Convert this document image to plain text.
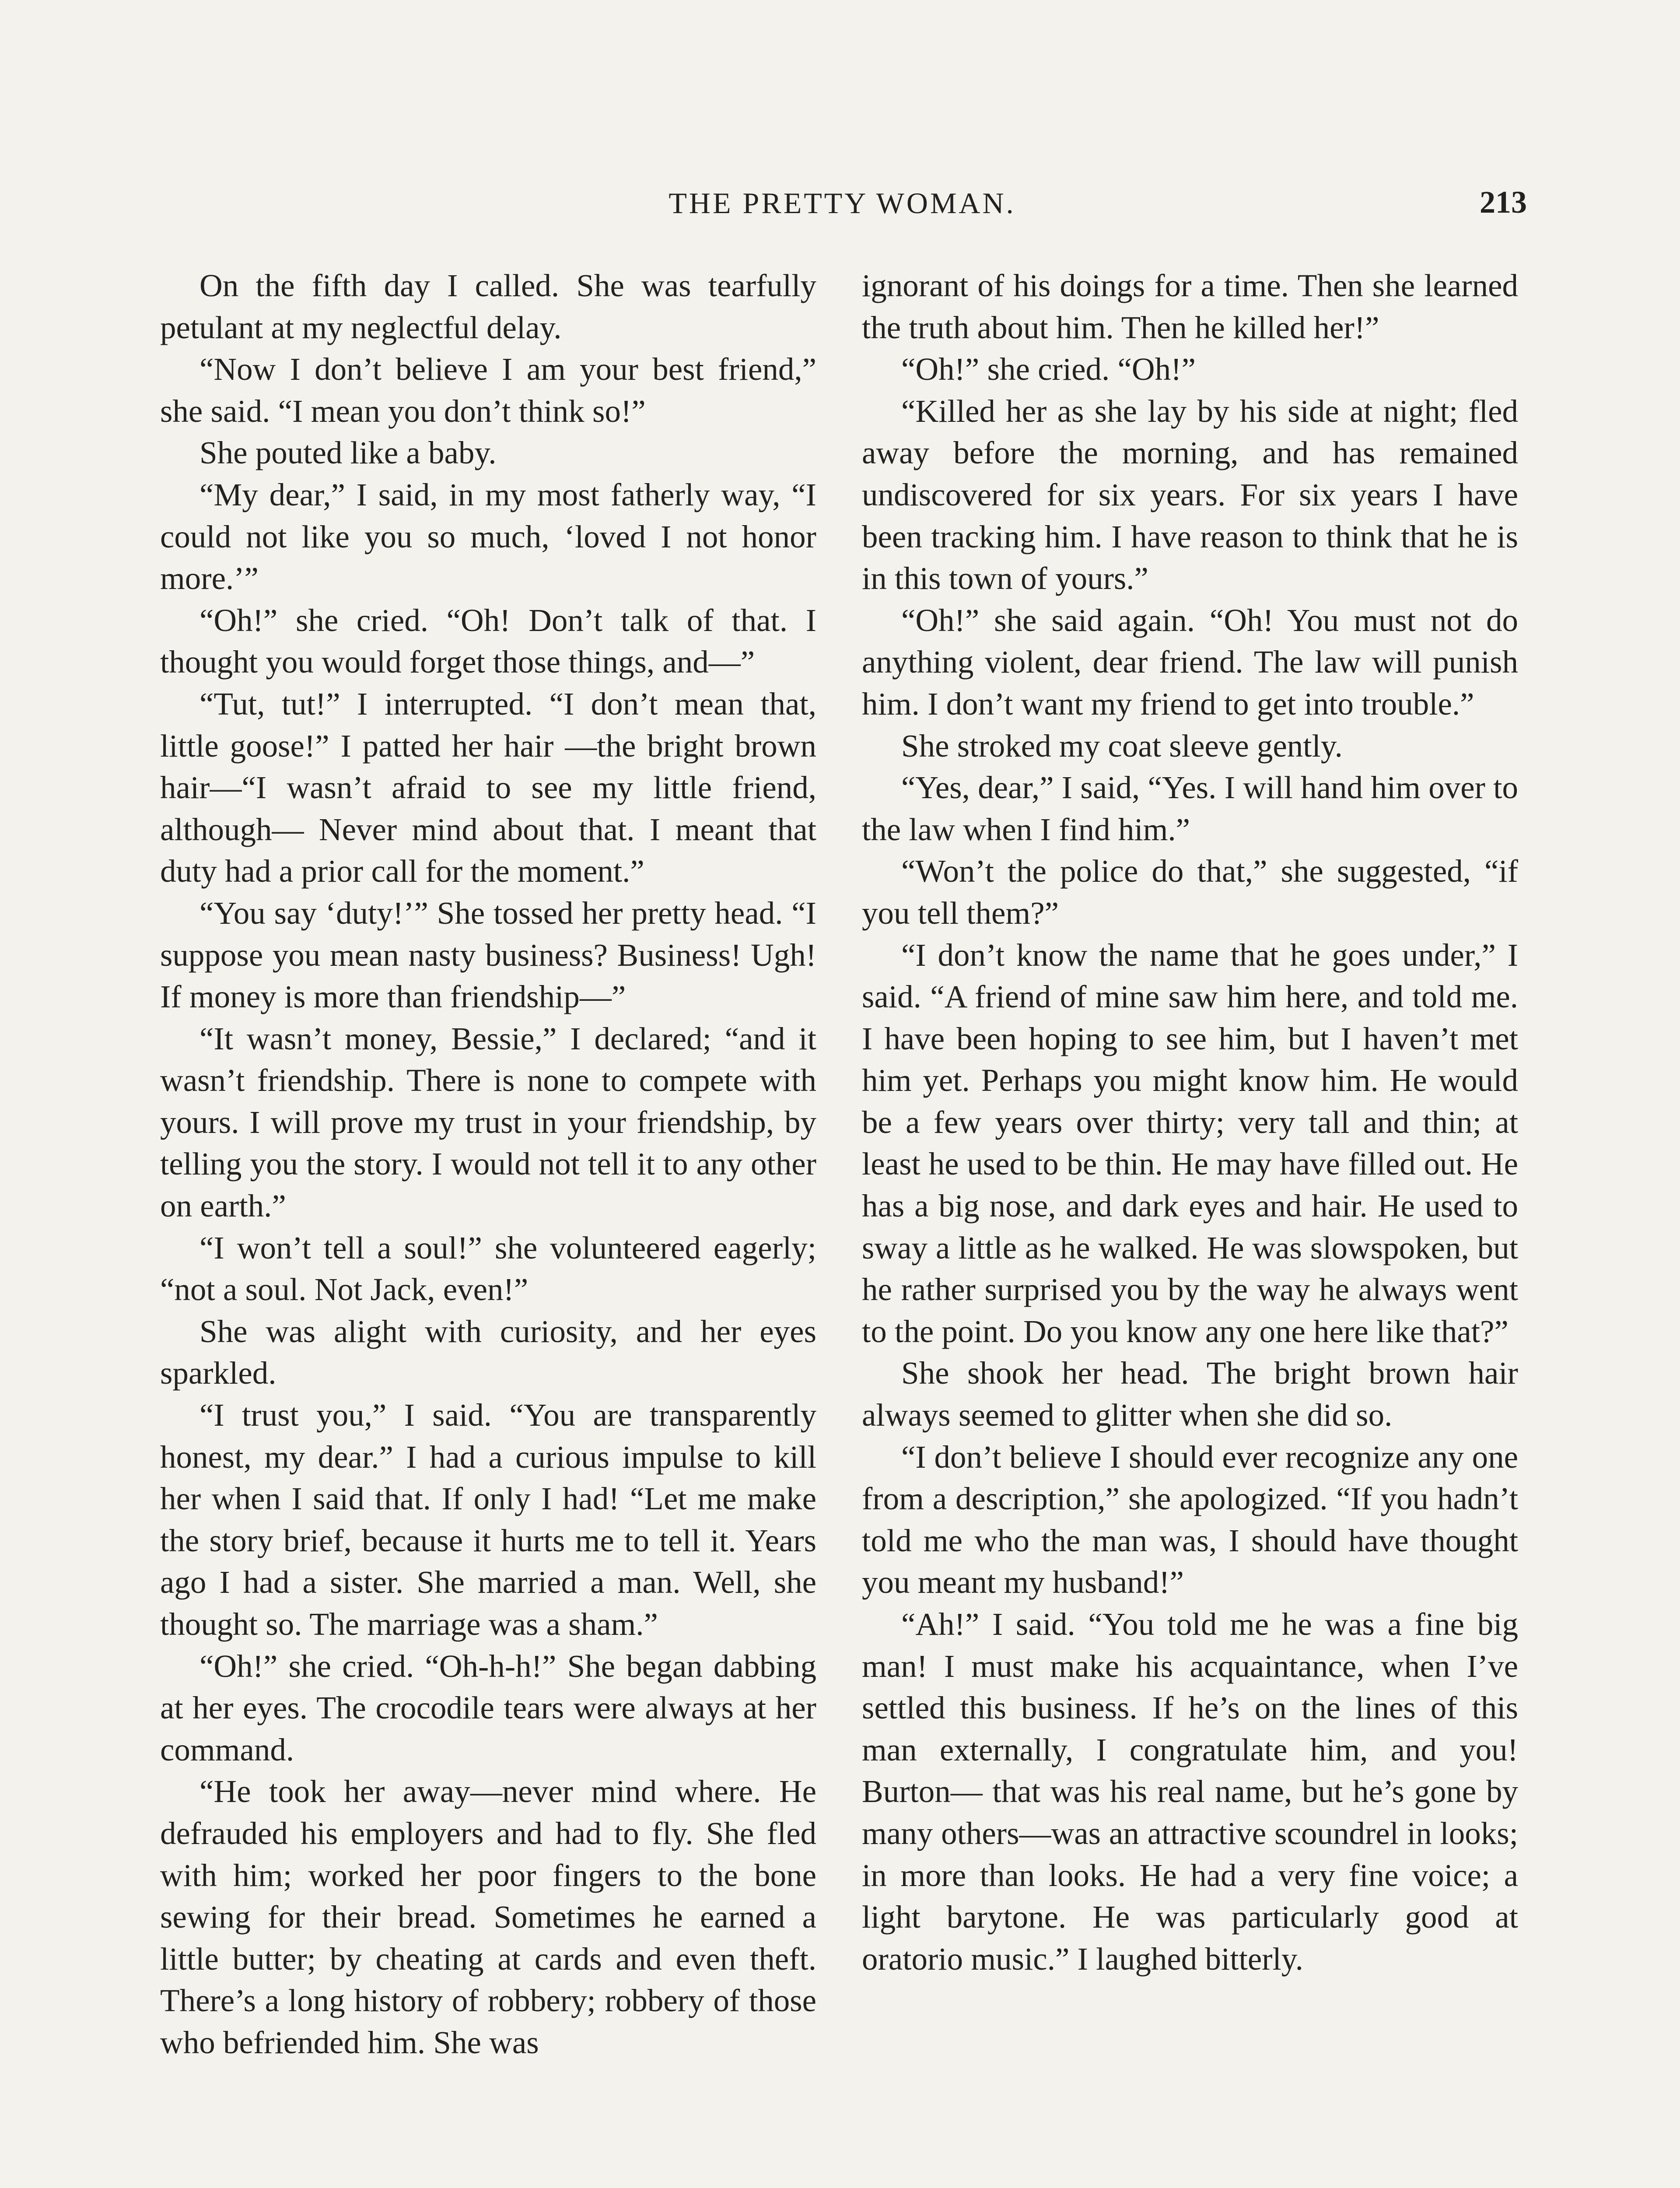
THE PRETTY WOMAN.	213

On the fifth day I called. She was tearfully petulant at my neglectful delay.

“Now I don’t believe I am your best friend,” she said. “I mean you don’t think so!”

She pouted like a baby.

“My dear,” I said, in my most fatherly way, “I could not like you so much, ‘loved I not honor more.’”

“Oh!” she cried. “Oh! Don’t talk of that. I thought you would forget those things, and—”

“Tut, tut!” I interrupted. “I don’t mean that, little goose!” I patted her hair —the bright brown hair—“I wasn’t afraid to see my little friend, although— Never mind about that. I meant that duty had a prior call for the moment.”

“You say ‘duty!’” She tossed her pretty head. “I suppose you mean nasty business? Business! Ugh! If money is more than friendship—”

“It wasn’t money, Bessie,” I declared; “and it wasn’t friendship. There is none to compete with yours. I will prove my trust in your friendship, by telling you the story. I would not tell it to any other on earth.”

“I won’t tell a soul!” she volunteered eagerly; “not a soul. Not Jack, even!”

She was alight with curiosity, and her eyes sparkled.

“I trust you,” I said. “You are transparently honest, my dear.” I had a curious impulse to kill her when I said that. If only I had! “Let me make the story brief, because it hurts me to tell it. Years ago I had a sister. She married a man. Well, she thought so. The marriage was a sham.”

“Oh!” she cried. “Oh-h-h!” She began dabbing at her eyes. The crocodile tears were always at her command.

“He took her away—never mind where. He defrauded his employers and had to fly. She fled with him; worked her poor fingers to the bone sewing for their bread. Sometimes he earned a little butter; by cheating at cards and even theft. There’s a long history of robbery; robbery of those who befriended him. She was

ignorant of his doings for a time. Then she learned the truth about him. Then he killed her!”

“Oh!” she cried. “Oh!”

“Killed her as she lay by his side at night; fled away before the morning, and has remained undiscovered for six years. For six years I have been tracking him. I have reason to think that he is in this town of yours.”

“Oh!” she said again. “Oh! You must not do anything violent, dear friend. The law will punish him. I don’t want my friend to get into trouble.”

She stroked my coat sleeve gently.

“Yes, dear,” I said, “Yes. I will hand him over to the law when I find him.”

“Won’t the police do that,” she suggested, “if you tell them?”

“I don’t know the name that he goes under,” I said. “A friend of mine saw him here, and told me. I have been hoping to see him, but I haven’t met him yet. Perhaps you might know him. He would be a few years over thirty; very tall and thin; at least he used to be thin. He may have filled out. He has a big nose, and dark eyes and hair. He used to sway a little as he walked. He was slowspoken, but he rather surprised you by the way he always went to the point. Do you know any one here like that?”

She shook her head. The bright brown hair always seemed to glitter when she did so.

“I don’t believe I should ever recognize any one from a description,” she apologized. “If you hadn’t told me who the man was, I should have thought you meant my husband!”

“Ah!” I said. “You told me he was a fine big man! I must make his acquaintance, when I’ve settled this business. If he’s on the lines of this man externally, I congratulate him, and you! Burton— that was his real name, but he’s gone by many others—was an attractive scoundrel in looks; in more than looks. He had a very fine voice; a light barytone. He was particularly good at oratorio music.” I laughed bitterly.
